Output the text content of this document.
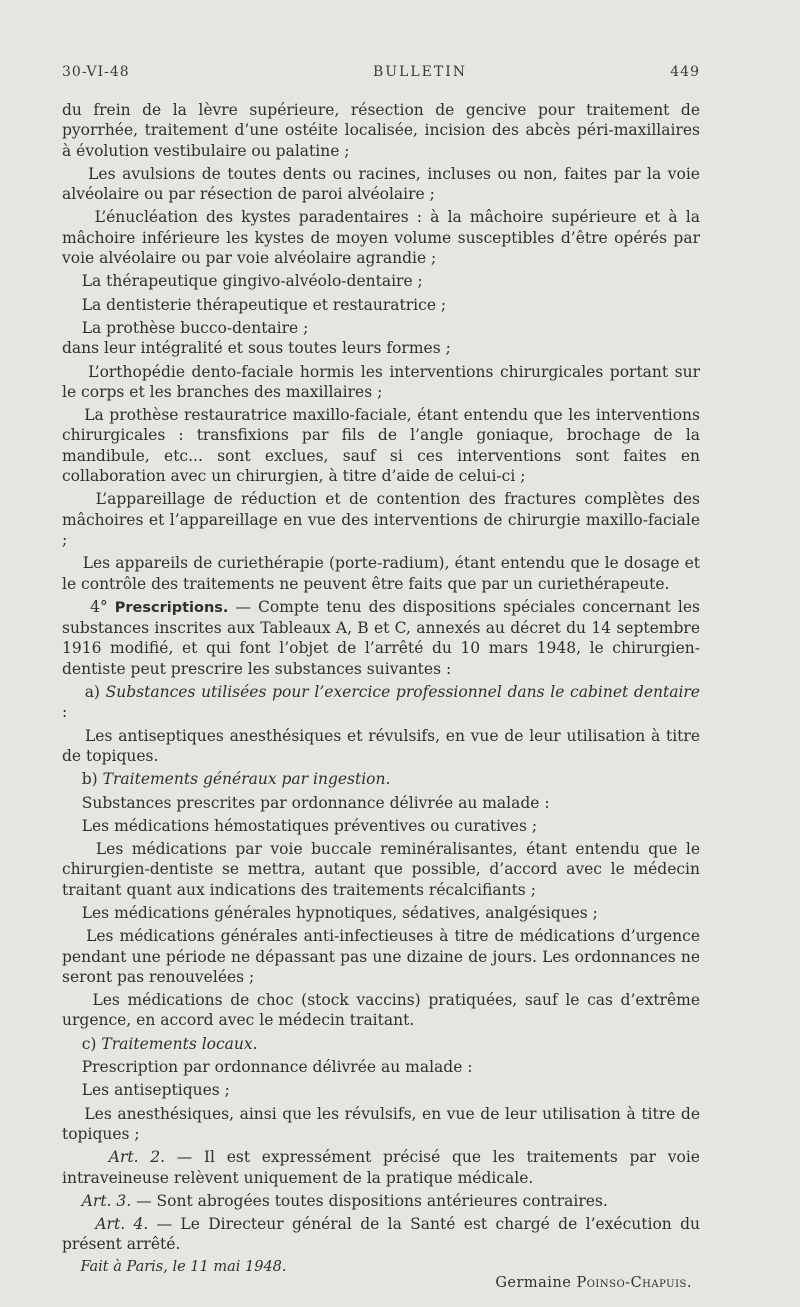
30-VI-48	BULLETIN	449

du frein de la lèvre supérieure, résection de gencive pour traitement de pyorrhée, traitement d’une ostéite localisée, incision des abcès péri-maxillaires à évolution vestibulaire ou palatine ;

Les avulsions de toutes dents ou racines, incluses ou non, faites par la voie alvéolaire ou par résection de paroi alvéolaire ;

L’énucléation des kystes paradentaires : à la mâchoire supérieure et à la mâchoire inférieure les kystes de moyen volume susceptibles d’être opérés par voie alvéolaire ou par voie alvéolaire agrandie ;

La thérapeutique gingivo-alvéolo-dentaire ;

La dentisterie thérapeutique et restauratrice ;

La prothèse bucco-dentaire ;

dans leur intégralité et sous toutes leurs formes ;

L’orthopédie dento-faciale hormis les interventions chirurgicales portant sur le corps et les branches des maxillaires ;

La prothèse restauratrice maxillo-faciale, étant entendu que les interventions chirurgicales : transfixions par fils de l’angle goniaque, brochage de la mandibule, etc... sont exclues, sauf si ces interventions sont faites en collaboration avec un chirurgien, à titre d’aide de celui-ci ;

L’appareillage de réduction et de contention des fractures complètes des mâchoires et l’appareillage en vue des interventions de chirurgie maxillo-faciale ;

Les appareils de curiethérapie (porte-radium), étant entendu que le dosage et le contrôle des traitements ne peuvent être faits que par un curiethérapeute.

4° Prescriptions. — Compte tenu des dispositions spéciales concernant les substances inscrites aux Tableaux A, B et C, annexés au décret du 14 septembre 1916 modifié, et qui font l’objet de l’arrêté du 10 mars 1948, le chirurgien-dentiste peut prescrire les substances suivantes :

a) Substances utilisées pour l’exercice professionnel dans le cabinet dentaire :

Les antiseptiques anesthésiques et révulsifs, en vue de leur utilisation à titre de topiques.

b) Traitements généraux par ingestion.

Substances prescrites par ordonnance délivrée au malade :

Les médications hémostatiques préventives ou curatives ;

Les médications par voie buccale reminéralisantes, étant entendu que le chirurgien-dentiste se mettra, autant que possible, d’accord avec le médecin traitant quant aux indications des traitements récalcifiants ;

Les médications générales hypnotiques, sédatives, analgésiques ;

Les médications générales anti-infectieuses à titre de médications d’urgence pendant une période ne dépassant pas une dizaine de jours. Les ordonnances ne seront pas renouvelées ;

Les médications de choc (stock vaccins) pratiquées, sauf le cas d’extrême urgence, en accord avec le médecin traitant.

c) Traitements locaux.

Prescription par ordonnance délivrée au malade :

Les antiseptiques ;

Les anesthésiques, ainsi que les révulsifs, en vue de leur utilisation à titre de topiques ;

Art. 2. — Il est expressément précisé que les traitements par voie intraveineuse relèvent uniquement de la pratique médicale.

Art. 3. — Sont abrogées toutes dispositions antérieures contraires.

Art. 4. — Le Directeur général de la Santé est chargé de l’exécution du présent arrêté.

Fait à Paris, le 11 mai 1948.
Germaine Poinso-Chapuis.
